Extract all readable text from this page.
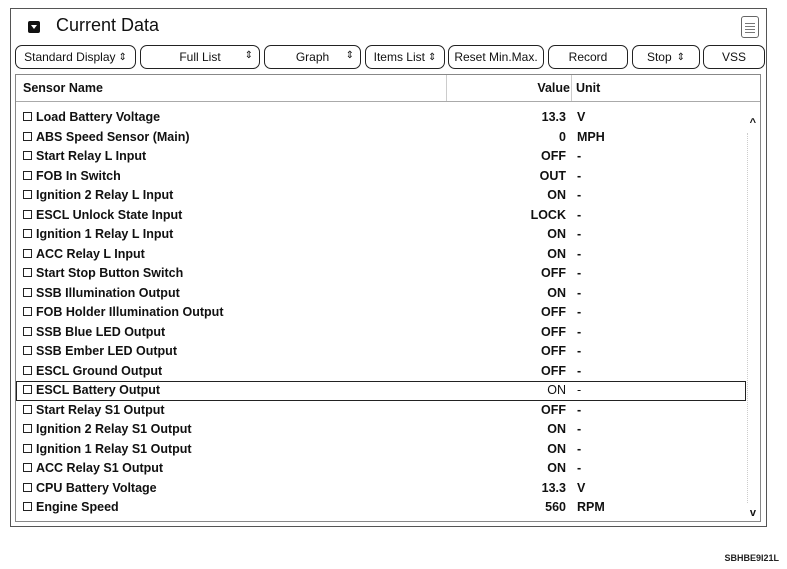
Current Data
Standard Display ⇕	Full List ⇕	Graph ⇕ Items List ⇕ Reset Min.Max.	Record	Stop ⇕	VSS
Sensor Name	Value Unit
Load Battery Voltage	13.3 V
ABS Speed Sensor (Main)	0 MPH
Start Relay L Input	OFF -
FOB In Switch	OUT -
Ignition 2 Relay L Input	ON -
ESCL Unlock State Input	LOCK -
Ignition 1 Relay L Input	ON -
ACC Relay L Input	ON -
Start Stop Button Switch	OFF -
SSB Illumination Output	ON -
FOB Holder Illumination Output	OFF -
SSB Blue LED Output	OFF -
SSB Ember LED Output	OFF -
ESCL Ground Output	OFF -
ESCL Battery Output	ON -
Start Relay S1 Output	OFF -
Ignition 2 Relay S1 Output	ON -
Ignition 1 Relay S1 Output	ON -
ACC Relay S1 Output	ON -
CPU Battery Voltage	13.3 V
Engine Speed	560 RPM
^
v
SBHBE9I21L
